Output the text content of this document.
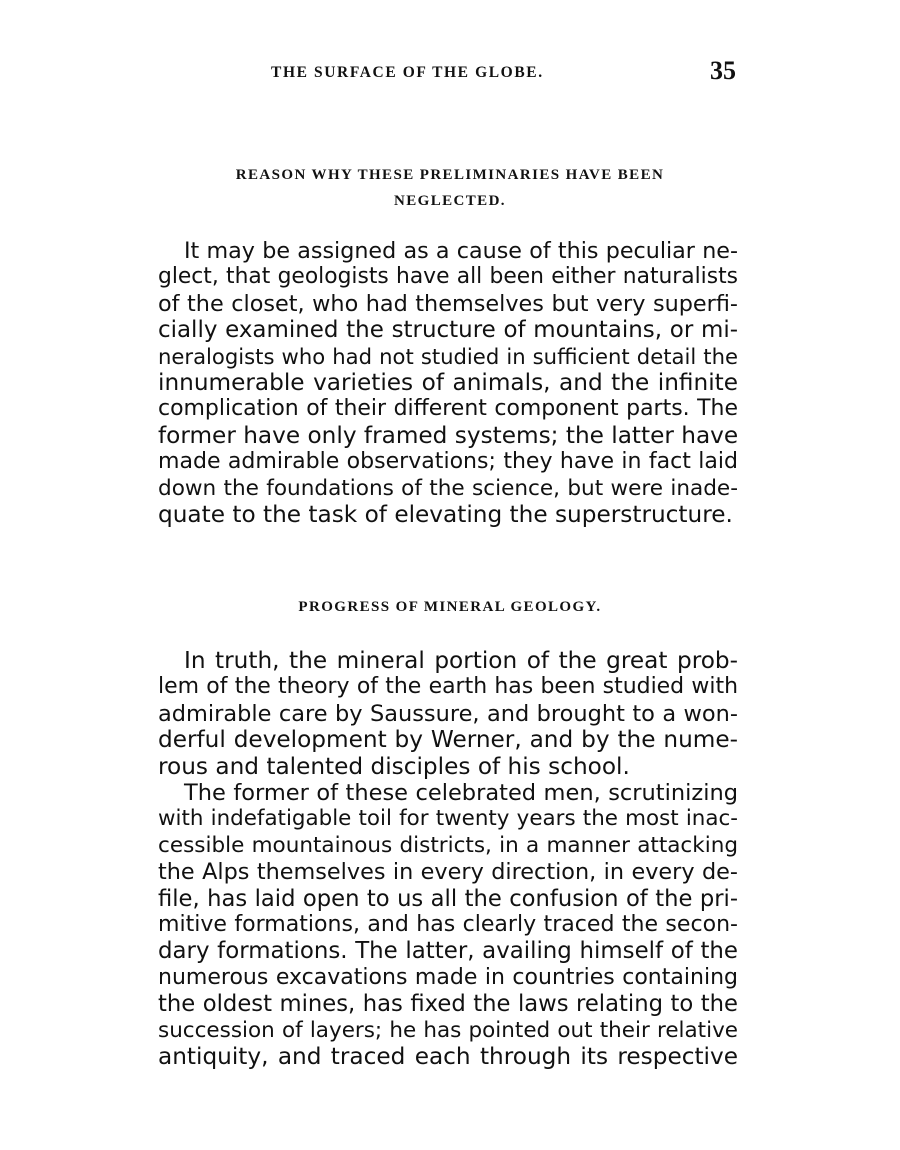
THE SURFACE OF THE GLOBE.	35
REASON WHY THESE PRELIMINARIES HAVE BEEN
NEGLECTED.
It may be assigned as a cause of this peculiar ne-
glect, that geologists have all been either naturalists
of the closet, who had themselves but very superfi-
cially examined the structure of mountains, or mi-
neralogists who had not studied in sufficient detail the
innumerable varieties of animals, and the infinite
complication of their different component parts. The
former have only framed systems; the latter have
made admirable observations; they have in fact laid
down the foundations of the science, but were inade-
quate to the task of elevating the superstructure.
PROGRESS OF MINERAL GEOLOGY.
In truth, the mineral portion of the great prob-
lem of the theory of the earth has been studied with
admirable care by Saussure, and brought to a won-
derful development by Werner, and by the nume-
rous and talented disciples of his school.
The former of these celebrated men, scrutinizing
with indefatigable toil for twenty years the most inac-
cessible mountainous districts, in a manner attacking
the Alps themselves in every direction, in every de-
file, has laid open to us all the confusion of the pri-
mitive formations, and has clearly traced the secon-
dary formations. The latter, availing himself of the
numerous excavations made in countries containing
the oldest mines, has fixed the laws relating to the
succession of layers; he has pointed out their relative
antiquity, and traced each through its respective
